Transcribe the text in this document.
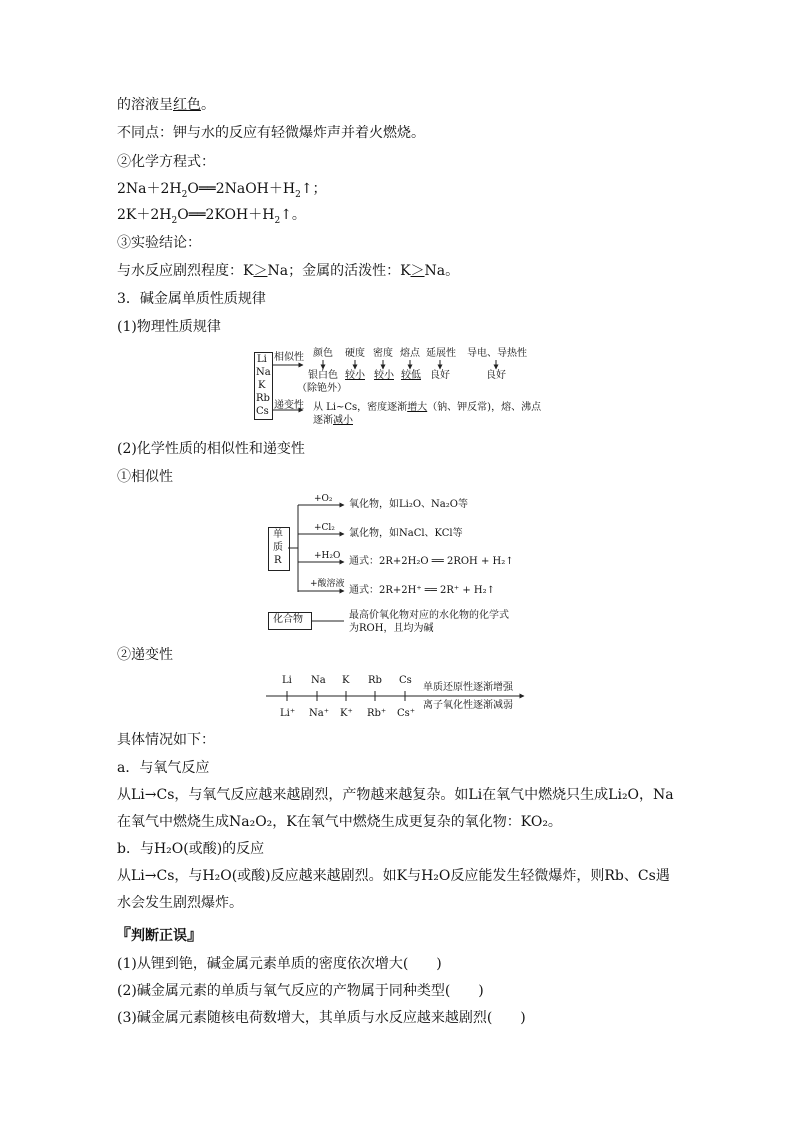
的溶液呈红色。
不同点：钾与水的反应有轻微爆炸声并着火燃烧。
②化学方程式：
$2Na+2H_2O══2NaOH+H_2↑$；
$2K+2H_2O══2KOH+H_2↑$。
③实验结论：
与水反应剧烈程度：K＞Na；金属的活泼性：K＞Na。
3．碱金属单质性质规律
(1)物理性质规律
Li
Na
K
Rb
Cs
相似性
递变性
颜色 硬度 密度 熔点 延展性 导电、导热性
银白色 较小 较小 较低 良好	良好
（除铯外）
从 Li~Cs，密度逐渐增大（钠、钾反常)，熔、沸点
逐渐减小
(2)化学性质的相似性和递变性
①相似性
单
质
R
+O₂ 氧化物，如Li₂O、Na₂O等
+Cl₂ 氯化物，如NaCl、KCl等
+H₂O 通式：2R+2H₂O ══ 2ROH + H₂↑
+酸溶液
通式：2R+2H⁺ ══ 2R⁺ + H₂↑
化合物	最高价氧化物对应的水化物的化学式
为ROH，且均为碱
②递变性
Li Na K Rb Cs
Li⁺ Na⁺ K⁺ Rb⁺ Cs⁺
单质还原性逐渐增强
离子氧化性逐渐减弱
具体情况如下：
a．与氧气反应
从Li→Cs，与氧气反应越来越剧烈，产物越来越复杂。如Li在氧气中燃烧只生成Li₂O，Na
在氧气中燃烧生成Na₂O₂，K在氧气中燃烧生成更复杂的氧化物：KO₂。
b．与H₂O(或酸)的反应
从Li→Cs，与H₂O(或酸)反应越来越剧烈。如K与H₂O反应能发生轻微爆炸，则Rb、Cs遇
水会发生剧烈爆炸。
『判断正误』
(1)从锂到铯，碱金属元素单质的密度依次增大(　　)
(2)碱金属元素的单质与氧气反应的产物属于同种类型(　　)
(3)碱金属元素随核电荷数增大，其单质与水反应越来越剧烈(　　)
